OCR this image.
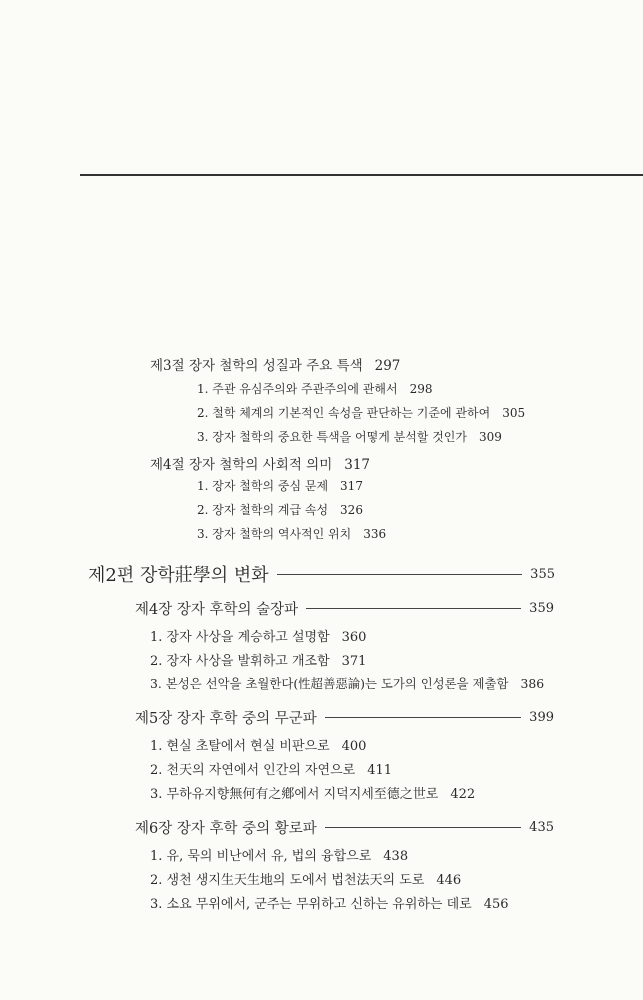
제3절 장자 철학의 성질과 주요 특색 297
1. 주관 유심주의와 주관주의에 관해서 298
2. 철학 체계의 기본적인 속성을 판단하는 기준에 관하여 305
3. 장자 철학의 중요한 특색을 어떻게 분석할 것인가 309
제4절 장자 철학의 사회적 의미 317
1. 장자 철학의 중심 문제 317
2. 장자 철학의 계급 속성 326
3. 장자 철학의 역사적인 위치 336
제2편 장학莊學의 변화	355
제4장 장자 후학의 술장파	359
1. 장자 사상을 계승하고 설명함 360
2. 장자 사상을 발휘하고 개조함 371
3. 본성은 선악을 초월한다(性超善惡論)는 도가의 인성론을 제출함 386
제5장 장자 후학 중의 무군파	399
1. 현실 초탈에서 현실 비판으로 400
2. 천天의 자연에서 인간의 자연으로 411
3. 무하유지향無何有之鄕에서 지덕지세至德之世로 422
제6장 장자 후학 중의 황로파	435
1. 유, 묵의 비난에서 유, 법의 융합으로 438
2. 생천 생지生天生地의 도에서 법천法天의 도로 446
3. 소요 무위에서, 군주는 무위하고 신하는 유위하는 데로 456
